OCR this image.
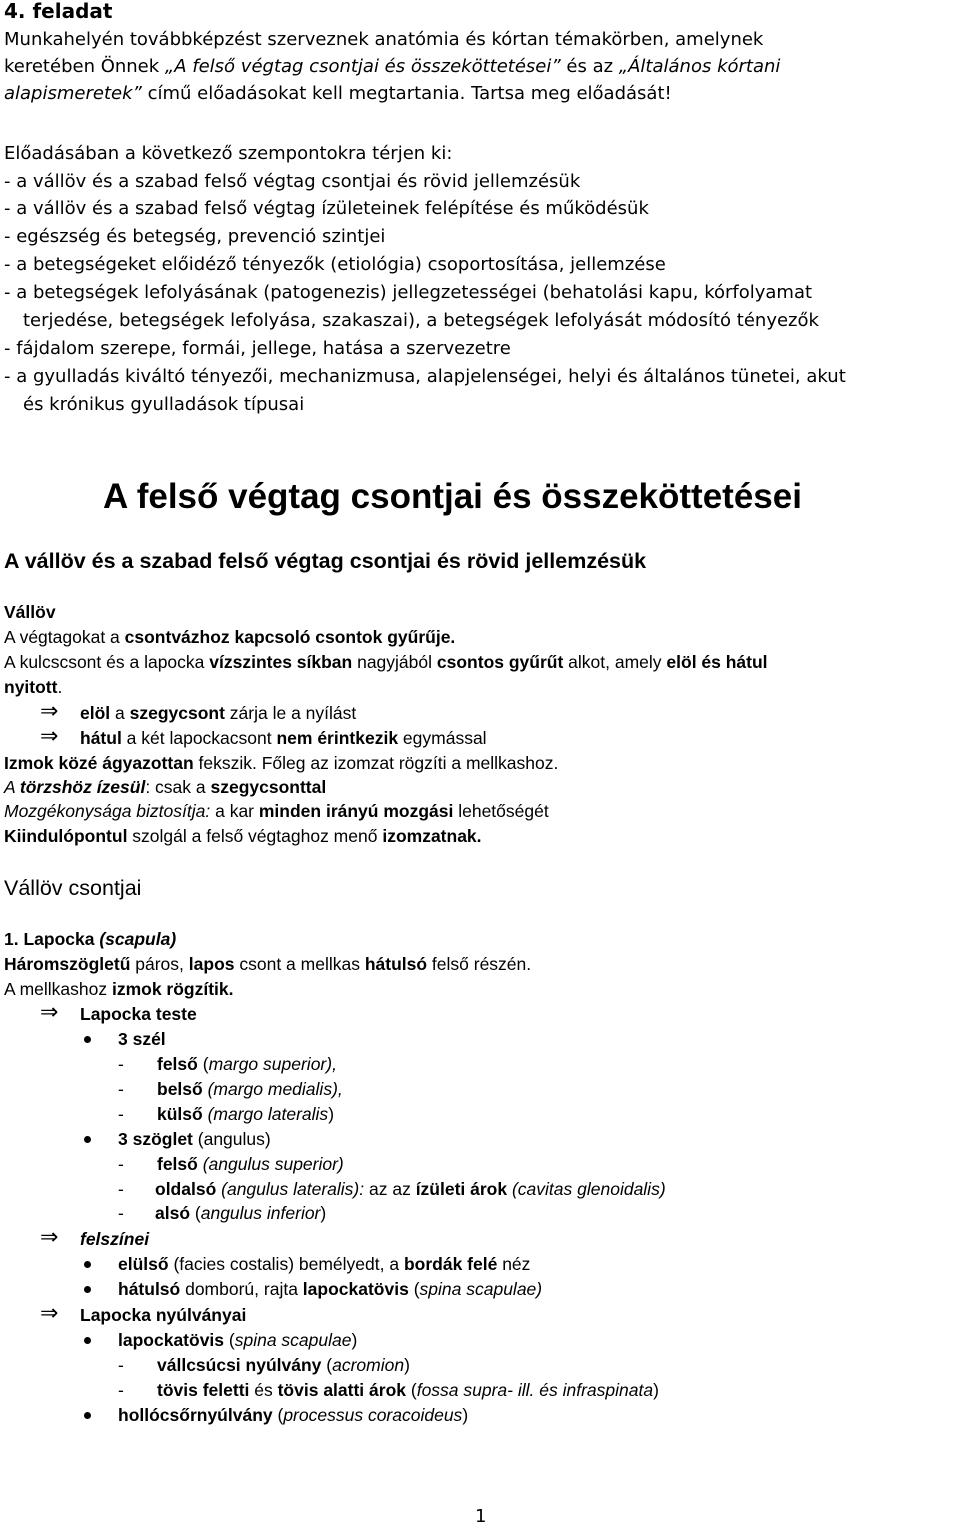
4. feladat
Munkahelyén továbbképzést szerveznek anatómia és kórtan témakörben, amelynek
keretében Önnek „A felső végtag csontjai és összeköttetései” és az „Általános kórtani
alapismeretek” című előadásokat kell megtartania. Tartsa meg előadását!
Előadásában a következő szempontokra térjen ki:
- a vállöv és a szabad felső végtag csontjai és rövid jellemzésük
- a vállöv és a szabad felső végtag ízületeinek felépítése és működésük
- egészség és betegség, prevenció szintjei
- a betegségeket előidéző tényezők (etiológia) csoportosítása, jellemzése
- a betegségek lefolyásának (patogenezis) jellegzetességei (behatolási kapu, kórfolyamat
terjedése, betegségek lefolyása, szakaszai), a betegségek lefolyását módosító tényezők
- fájdalom szerepe, formái, jellege, hatása a szervezetre
- a gyulladás kiváltó tényezői, mechanizmusa, alapjelenségei, helyi és általános tünetei, akut
és krónikus gyulladások típusai
A felső végtag csontjai és összeköttetései
A vállöv és a szabad felső végtag csontjai és rövid jellemzésük
Vállöv
A végtagokat a csontvázhoz kapcsoló csontok gyűrűje.
A kulcscsont és a lapocka vízszintes síkban nagyjából csontos gyűrűt alkot, amely elöl és hátul
nyitott.
⇒ elöl a szegycsont zárja le a nyílást
⇒ hátul a két lapockacsont nem érintkezik egymással
Izmok közé ágyazottan fekszik. Főleg az izomzat rögzíti a mellkashoz.
A törzshöz ízesül: csak a szegycsonttal
Mozgékonysága biztosítja: a kar minden irányú mozgási lehetőségét
Kiindulópontul szolgál a felső végtaghoz menő izomzatnak.
Vállöv csontjai
1. Lapocka (scapula)
Háromszögletű páros, lapos csont a mellkas hátulsó felső részén.
A mellkashoz izmok rögzítik.
⇒ Lapocka teste
3 szél
- felső (margo superior),
- belső (margo medialis),
- külső (margo lateralis)
3 szöglet (angulus)
- felső (angulus superior)
- oldalsó (angulus lateralis): az az ízületi árok (cavitas glenoidalis)
- alsó (angulus inferior)
⇒ felszínei
elülső (facies costalis) bemélyedt, a bordák felé néz
hátulsó domború, rajta lapockatövis (spina scapulae)
⇒ Lapocka nyúlványai
lapockatövis (spina scapulae)
- vállcsúcsi nyúlvány (acromion)
- tövis feletti és tövis alatti árok (fossa supra- ill. és infraspinata)
hollócsőrnyúlvány (processus coracoideus)
1
